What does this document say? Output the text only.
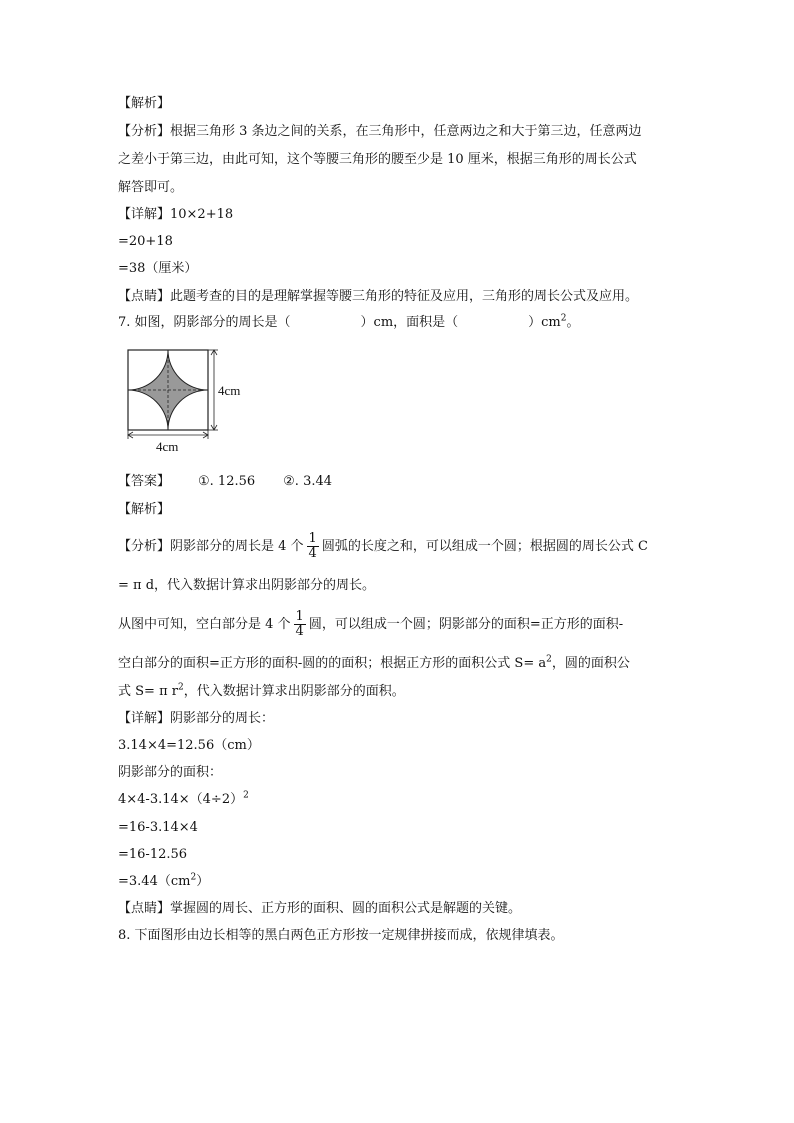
【解析】
【分析】根据三角形 3 条边之间的关系，在三角形中，任意两边之和大于第三边，任意两边
之差小于第三边，由此可知，这个等腰三角形的腰至少是 10 厘米，根据三角形的周长公式
解答即可。
【详解】10×2+18
=20+18
=38（厘米）
【点睛】此题考查的目的是理解掌握等腰三角形的特征及应用，三角形的周长公式及应用。
7. 如图，阴影部分的周长是（	）cm，面积是（	）$cm^2$。
4cm
4cm
【答案】 ①. 12.56 ②. 3.44
【解析】
【分析】阴影部分的周长是 4 个 $\frac{1}{4}$ 圆弧的长度之和，可以组成一个圆；根据圆的周长公式 C
= π d，代入数据计算求出阴影部分的周长。
从图中可知，空白部分是 4 个 $\frac{1}{4}$ 圆，可以组成一个圆；阴影部分的面积=正方形的面积-
空白部分的面积=正方形的面积-圆的的面积；根据正方形的面积公式 $S= a^2$，圆的面积公
式 S= π $r^2$，代入数据计算求出阴影部分的面积。
【详解】阴影部分的周长：
3.14×4=12.56（cm）
阴影部分的面积：
$4\times 4-3.14\times(4\div 2)^2$
=16-3.14×4
=16-12.56
$=3.44(cm^2)$
【点睛】掌握圆的周长、正方形的面积、圆的面积公式是解题的关键。
8. 下面图形由边长相等的黑白两色正方形按一定规律拼接而成，依规律填表。
